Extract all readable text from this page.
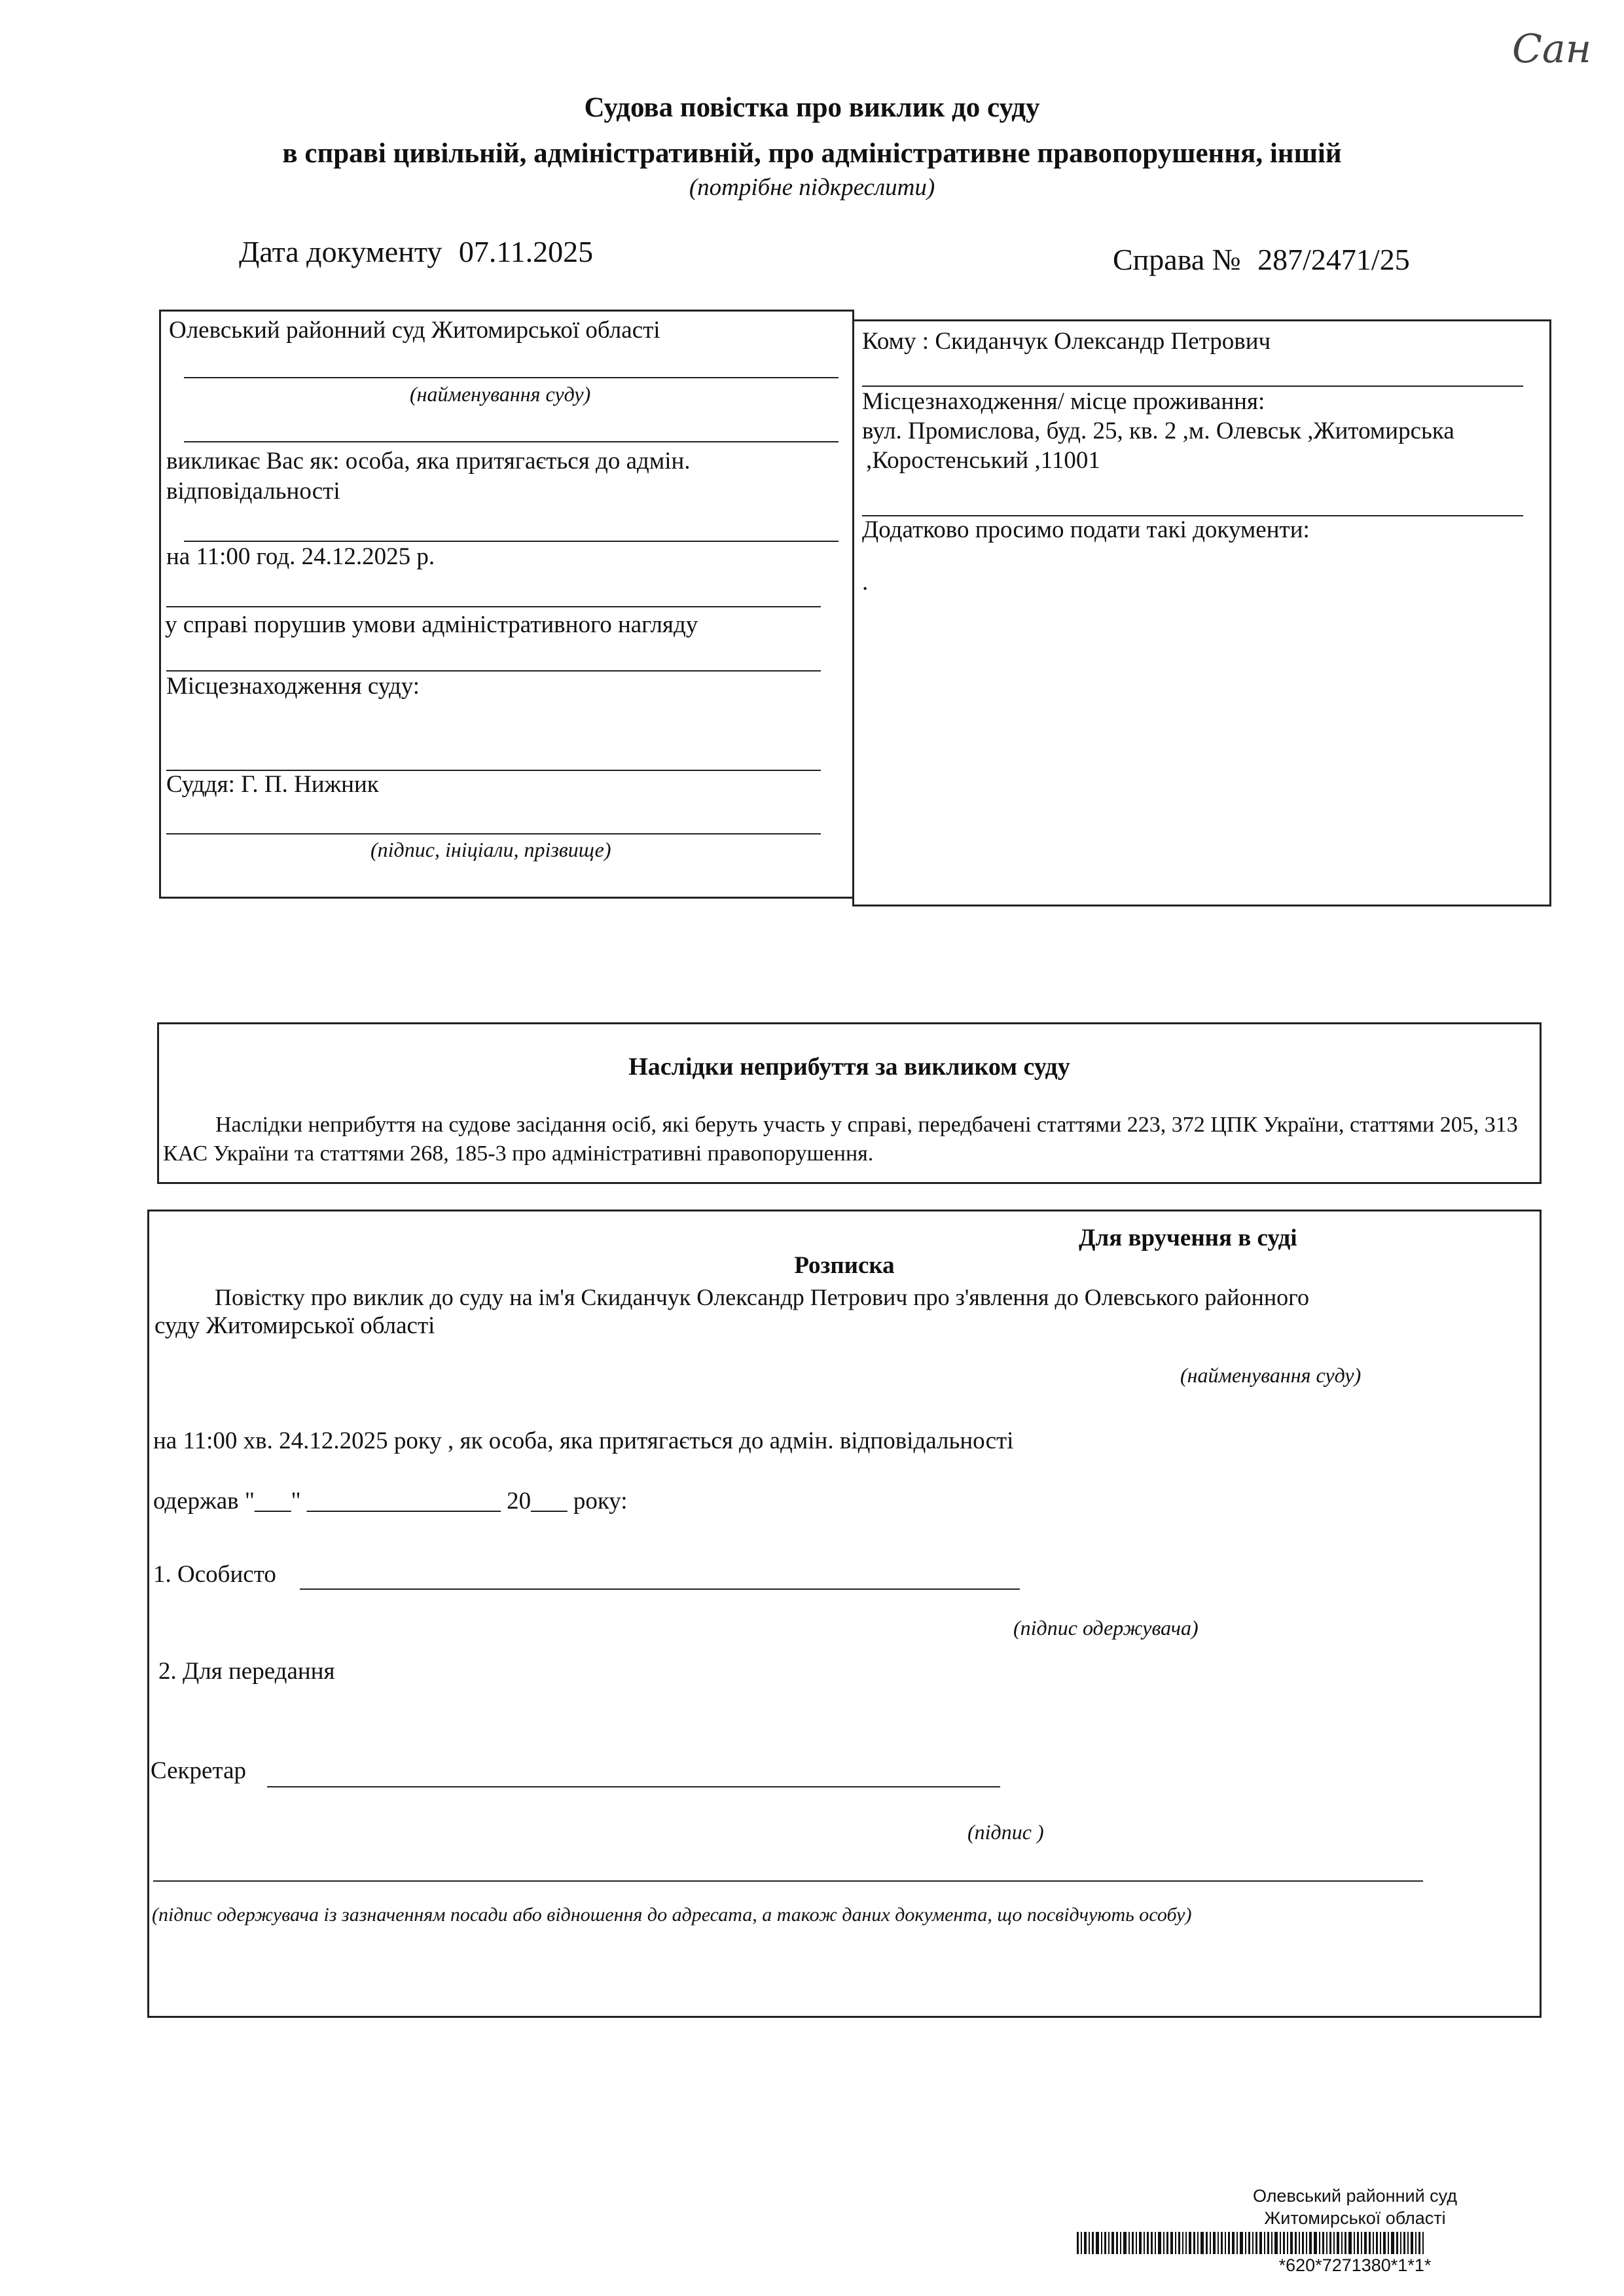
Сан
Судова повістка про виклик до суду
в справі цивільній, адміністративній, про адміністративне правопорушення, іншій
(потрібне підкреслити)
Дата документу 07.11.2025	Справа № 287/2471/25
Олевський районний суд Житомирської області
(найменування суду)
викликає Вас як: особа, яка притягається до адмін. відповідальності
на 11:00 год. 24.12.2025 р.
у справі порушив умови адміністративного нагляду
Місцезнаходження суду:
Суддя: Г. П. Нижник
(підпис, ініціали, прізвище)
Кому : Скиданчук Олександр Петрович
Місцезнаходження/ місце проживання:
вул. Промислова, буд. 25, кв. 2 ,м. Олевськ ,Житомирська
,Коростенський ,11001
Додатково просимо подати такі документи:
.
Наслідки неприбуття за викликом суду
Наслідки неприбуття на судове засідання осіб, які беруть участь у справі, передбачені статтями 223, 372 ЦПК України, статтями 205, 313 КАС України та статтями 268, 185-3 про адміністративні правопорушення.
Для вручення в суді
Розписка
Повістку про виклик до суду на ім'я Скиданчук Олександр Петрович про з'явлення до Олевського районного
суду Житомирської області
(найменування суду)
на 11:00 хв. 24.12.2025 року , як особа, яка притягається до адмін. відповідальності
одержав "___" ________________ 20___ року:
1. Особисто
(підпис одержувача)
2. Для передання
Секретар
(підпис )
(підпис одержувача із зазначенням посади або відношення до адресата, а також даних документа, що посвідчують особу)
Олевський районний суд
Житомирської області
*620*7271380*1*1*
